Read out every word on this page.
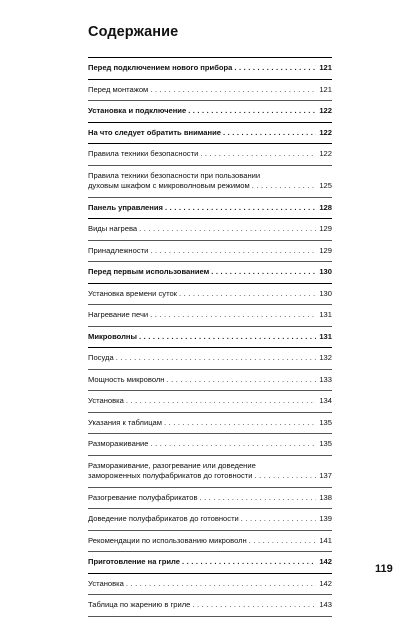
Содержание
Перед подключением нового прибора . . .	121
Перед монтажом . . .	121
Установка и подключение . . .	122
На что следует обратить внимание . . .	122
Правила техники безопасности . . .	122
Правила техники безопасности при пользовании
духовым шкафом с микроволновым режимом . . .	125
Панель управления . . .	128
Виды нагрева . . .	129
Принадлежности . . .	129
Перед первым использованием . . .	130
Установка времени суток . . .	130
Нагревание печи . . .	131
Микроволны . . .	131
Посуда . . .	132
Мощность микроволн . . .	133
Установка . . .	134
Указания к таблицам . . .	135
Размораживание . . .	135
Размораживание, разогревание или доведение
замороженных полуфабрикатов до готовности . . .	137
Разогревание полуфабрикатов . . .	138
Доведение полуфабрикатов до готовности . . .	139
Рекомендации по использованию микроволн . . .	141
Приготовление на гриле . . .	142
Установка . . .	142
Таблица по жарению в гриле . . .	143
119
